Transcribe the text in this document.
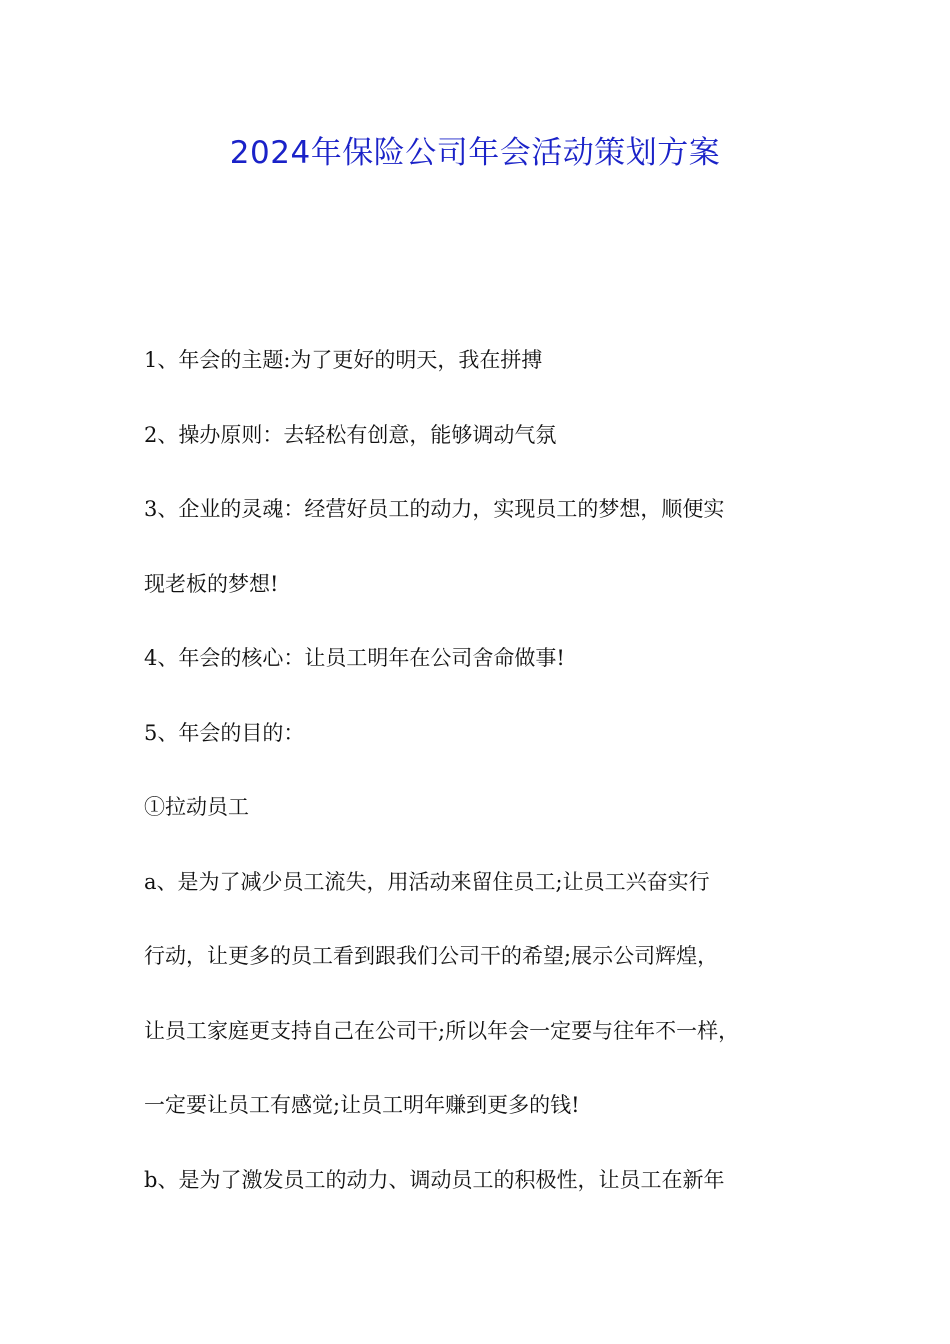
2024年保险公司年会活动策划方案

1、年会的主题:为了更好的明天，我在拼搏

2、操办原则：去轻松有创意，能够调动气氛

3、企业的灵魂：经营好员工的动力，实现员工的梦想，顺便实

现老板的梦想!

4、年会的核心：让员工明年在公司舍命做事!

5、年会的目的：

①拉动员工

a、是为了减少员工流失，用活动来留住员工;让员工兴奋实行

行动，让更多的员工看到跟我们公司干的希望;展示公司辉煌，

让员工家庭更支持自己在公司干;所以年会一定要与往年不一样，

一定要让员工有感觉;让员工明年赚到更多的钱!

b、是为了激发员工的动力、调动员工的积极性，让员工在新年
